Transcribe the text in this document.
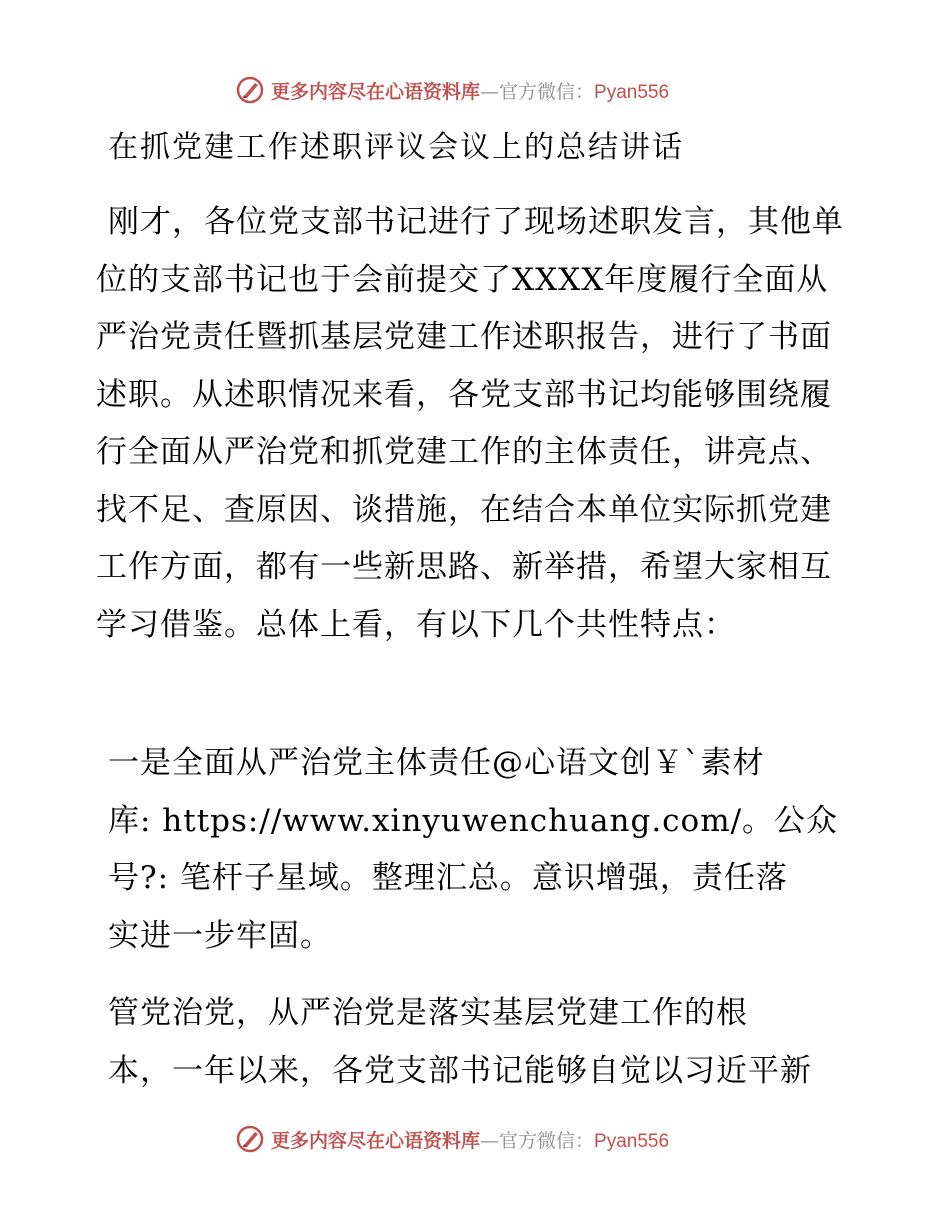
更多内容尽在心语资料库—官方微信：Pyan556
在抓党建工作述职评议会议上的总结讲话
刚才，各位党支部书记进行了现场述职发言，其他单位的支部书记也于会前提交了XXXX年度履行全面从严治党责任暨抓基层党建工作述职报告，进行了书面述职。从述职情况来看，各党支部书记均能够围绕履行全面从严治党和抓党建工作的主体责任，讲亮点、找不足、查原因、谈措施，在结合本单位实际抓党建工作方面，都有一些新思路、新举措，希望大家相互学习借鉴。总体上看，有以下几个共性特点：
一是全面从严治党主体责任@心语文创￥`素材
库: https://www.xinyuwenchuang.com/。公众
号?: 笔杆子星域。整理汇总。意识增强，责任落
实进一步牢固。
管党治党，从严治党是落实基层党建工作的根
本，一年以来，各党支部书记能够自觉以习近平新
更多内容尽在心语资料库—官方微信：Pyan556
